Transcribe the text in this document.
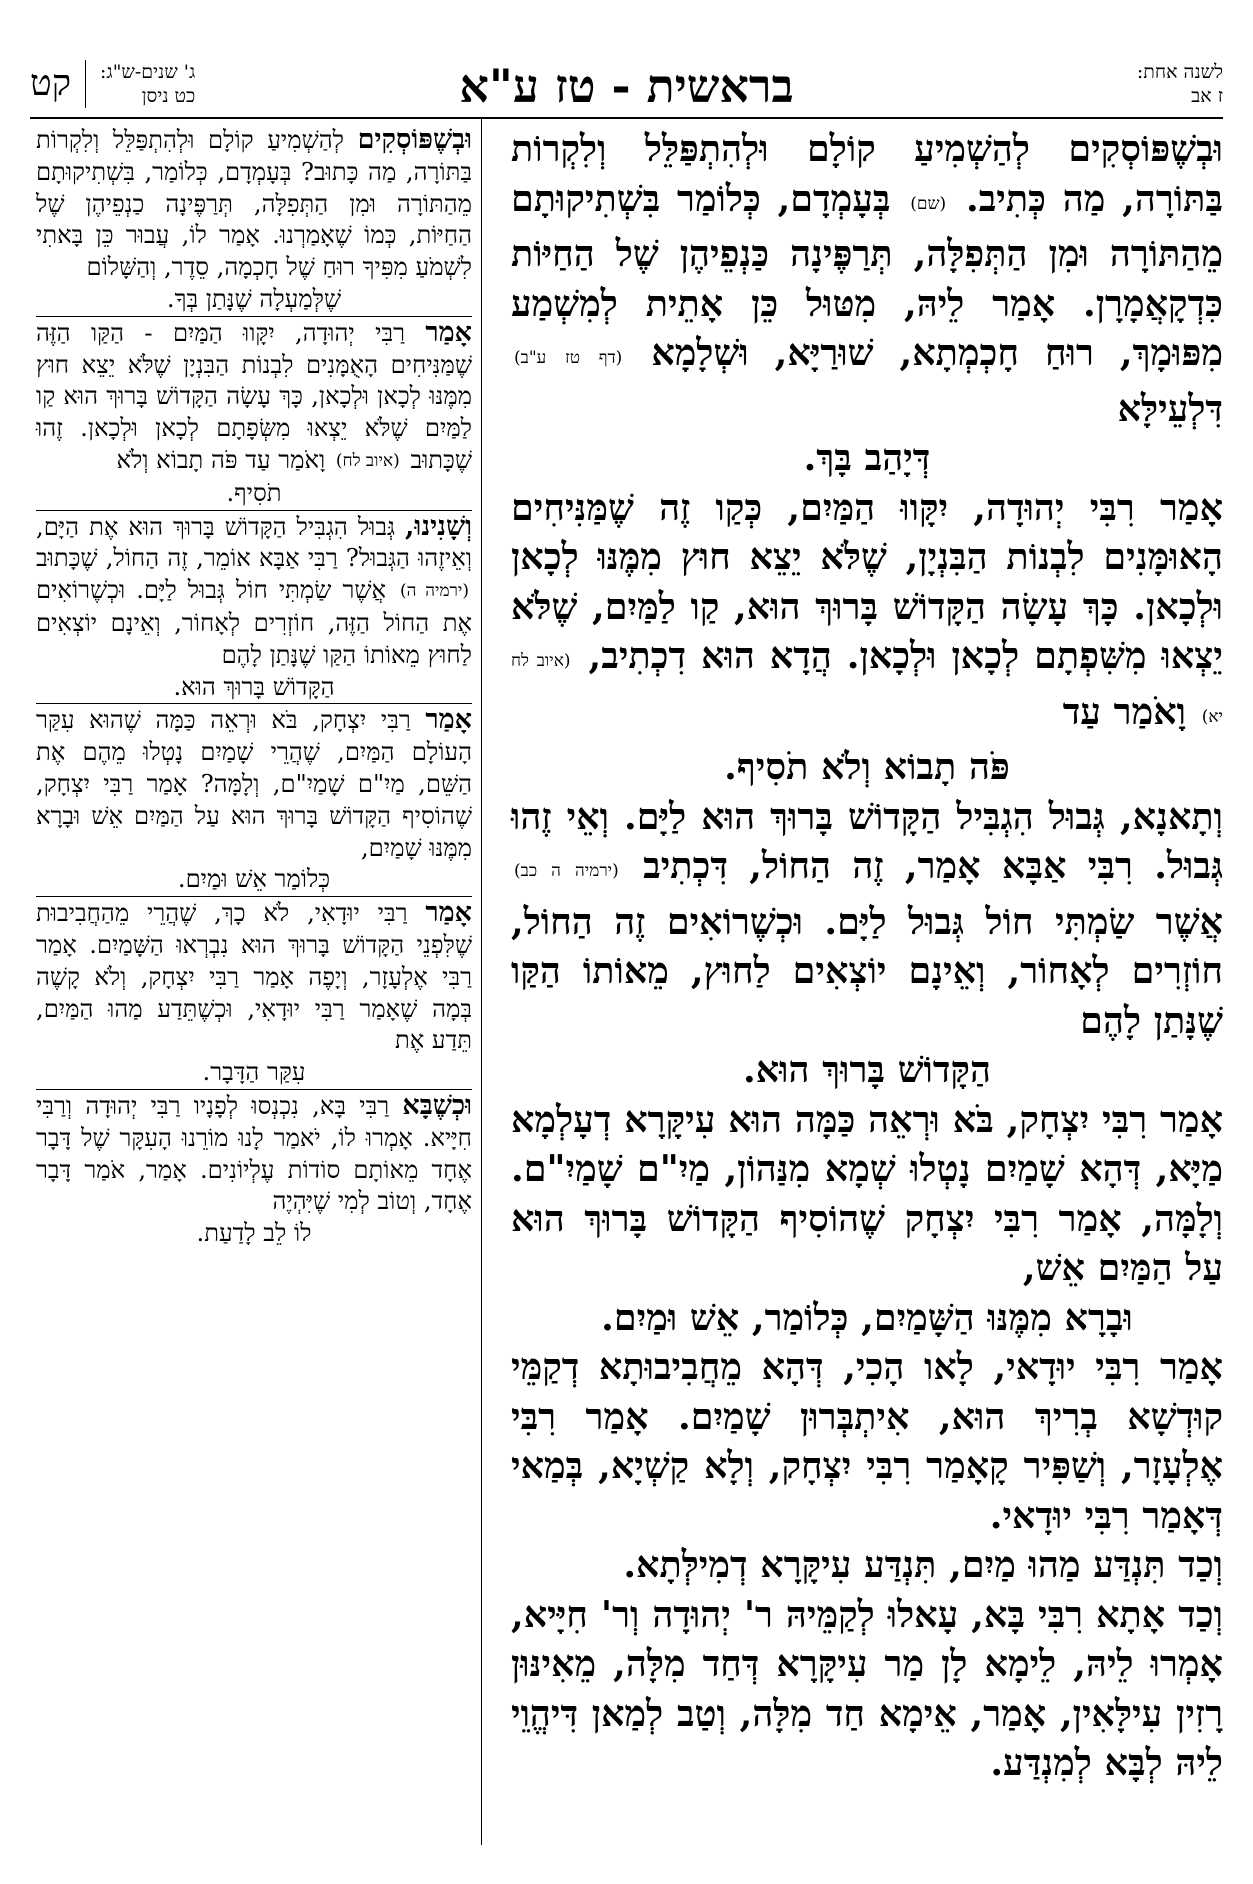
לשנה אחת:
ז אב
בראשית - טז ע"א
קט	ג' שנים-ש"ג:
כט ניסן

וּבְשֶׁפּוֹסְקִים לְהַשְׁמִיעַ קוֹלָם וּלְהִתְפַּלֵּל וְלִקְרוֹת בַּתּוֹרָה, מַה כְּתִיב. (שם) בְּעָמְדָם, כְּלוֹמַר בִּשְׁתִיקוּתָם מֵהַתּוֹרָה וּמִן הַתְּפִלָּה, תְּרַפֶּינָה כַּנְפֵיהֶן שֶׁל הַחַיּוֹת כִּדְקָאֲמָרָן. אָמַר לֵיהּ, מִטּוּל כֵּן אָתֵית לְמִשְׁמַע מִפּוּמָךְ, רוּחַ חָכְמְתָא, שׁוּרַיָּא, וּשְׁלָמָא (דף טז ע"ב) דִּלְעֵילָּא

דְּיָהַב בָּךְ.

אָמַר רִבִּי יְהוּדָה, יִקָּווּ הַמַּיִם, כְּקַו זֶה שֶׁמַּנִּיחִים הָאוּמָּנִים לִבְנוֹת הַבִּנְיָן, שֶׁלֹּא יֵצֵא חוּץ מִמֶּנּוּ לְכָאן וּלְכָאן. כָּךְ עָשָׂה הַקָּדוֹשׁ בָּרוּךְ הוּא, קַו לַמַּיִם, שֶׁלֹּא יֵצְאוּ מִשִּׁפְתָם לְכָאן וּלְכָאן. הֲדָא הוּא דִכְתִיב, (איוב לח יא) וָאֹמַר עַד

פֹּה תָבוֹא וְלֹא תֹסִיף.

וְתָאנָא, גְּבוּל הִגְבִּיל הַקָּדוֹשׁ בָּרוּךְ הוּא לַיָּם. וְאֵי זֶהוּ גְּבוּל. רִבִּי אַבָּא אָמַר, זֶה הַחוֹל, דִּכְתִיב (ירמיה ה כב) אֲשֶׁר שַׂמְתִּי חוֹל גְּבוּל לַיָּם. וּכְשֶׁרוֹאִים זֶה הַחוֹל, חוֹזְרִים לְאָחוֹר, וְאֵינָם יוֹצְאִים לַחוּץ, מֵאוֹתוֹ הַקַּו שֶׁנָּתַן לָהֶם

הַקָּדוֹשׁ בָּרוּךְ הוּא.

אָמַר רִבִּי יִצְחָק, בֹּא וּרְאֵה כַּמָּה הוּא עִיקָּרָא דְעָלְמָא מַיָּא, דְּהָא שָׁמַיִם נָטְלוּ שְׁמָא מִנַּהוֹן, מַיִ"ם שָׁמַיִ"ם. וְלָמָּה, אָמַר רִבִּי יִצְחָק שֶׁהוֹסִיף הַקָּדוֹשׁ בָּרוּךְ הוּא עַל הַמַּיִם אֵשׁ,

וּבָרָא מִמֶּנּוּ הַשָּׁמַיִם, כְּלוֹמַר, אֵשׁ וּמַיִם.

אָמַר רִבִּי יוּדָאי, לָאו הָכִי, דְּהָא מֵחֲבִיבוּתָא דְקַמֵּי קוּדְשָׁא בְרִיךְ הוּא, אִיתְבְּרוּן שָׁמַיִם. אָמַר רִבִּי אֶלְעָזָר, וְשַׁפִּיר קָאָמַר רִבִּי יִצְחָק, וְלָא קַשְׁיָא, בְּמַאי דְּאָמַר רִבִּי יוּדָאי.

וְכַד תִּנְדַּע מַהוּ מַיִם, תִּנְדַּע עִיקָּרָא דְמִילְּתָא.

וְכַד אָתָא רִבִּי בָּא, עָאלוּ לְקַמֵּיהּ ר' יְהוּדָה וְר' חִיָּיא, אָמְרוּ לֵיהּ, לֵימָא לָן מַר עִיקָּרָא דְּחַד מִלָּה, מֵאִינּוּן רָזִין עִילָּאִין, אָמַר, אֵימָא חַד מִלָּה, וְטַב לְמַאן דִּיהֱוֵי לֵיהּ לְבָּא לְמִנְדַּע.

וּבְשֶׁפּוֹסְקִים לְהַשְׁמִיעַ קוֹלָם וּלְהִתְפַּלֵּל וְלִקְרוֹת בַּתּוֹרָה, מַה כָּתוּב? בְּעָמְדָם, כְּלוֹמַר, בִּשְׁתִיקוּתָם מֵהַתּוֹרָה וּמִן הַתְּפִלָּה, תְּרַפֶּינָה כַנְפֵיהֶן שֶׁל הַחַיּוֹת, כְּמוֹ שֶׁאָמַרְנוּ. אָמַר לוֹ, עֲבוּר כֵּן בָּאתִי לִשְׁמֹעַ מִפִּיךָ רוּחַ שֶׁל חָכְמָה, סֵדֶר, וְהַשָּׁלוֹם

שֶׁלְּמַעְלָה שֶׁנָּתַן בְּךָ.

אָמַר רַבִּי יְהוּדָה, יִקָּווּ הַמַּיִם - הַקַּו הַזֶּה שֶׁמַּנִּיחִים הָאֻמָּנִים לִבְנוֹת הַבִּנְיָן שֶׁלֹּא יֵצֵא חוּץ מִמֶּנּוּ לְכָאן וּלְכָאן, כָּךְ עָשָׂה הַקָּדוֹשׁ בָּרוּךְ הוּא קַו לַמַּיִם שֶׁלֹּא יֵצְאוּ מִשְּׂפָתָם לְכָאן וּלְכָאן. זֶהוּ שֶׁכָּתוּב (איוב לח) וָאֹמַר עַד פֹּה תָבוֹא וְלֹא

תֹסִיף.

וְשָׁנִינוּ, גְּבוּל הִגְבִּיל הַקָּדוֹשׁ בָּרוּךְ הוּא אֶת הַיָּם, וְאֵיזֶהוּ הַגְּבוּל? רַבִּי אַבָּא אוֹמֵר, זֶה הַחוֹל, שֶׁכָּתוּב (ירמיה ה) אֲשֶׁר שַׂמְתִּי חוֹל גְּבוּל לַיָּם. וּכְשֶׁרוֹאִים אֶת הַחוֹל הַזֶּה, חוֹזְרִים לְאָחוֹר, וְאֵינָם יוֹצְאִים לַחוּץ מֵאוֹתוֹ הַקַּו שֶׁנָּתַן לָהֶם

הַקָּדוֹשׁ בָּרוּךְ הוּא.

אָמַר רַבִּי יִצְחָק, בֹּא וּרְאֵה כַּמָּה שֶׁהוּא עִקַּר הָעוֹלָם הַמַּיִם, שֶׁהֲרֵי שָׁמַיִם נָטְלוּ מֵהֶם אֶת הַשֵּׁם, מַיִ"ם שָׁמַיִ"ם, וְלָמָּה? אָמַר רַבִּי יִצְחָק, שֶׁהוֹסִיף הַקָּדוֹשׁ בָּרוּךְ הוּא עַל הַמַּיִם אֵשׁ וּבָרָא מִמֶּנּוּ שָׁמַיִם,

כְּלוֹמַר אֵשׁ וּמַיִם.

אָמַר רַבִּי יוּדָאִי, לֹא כָךְ, שֶׁהֲרֵי מֵהַחֲבִיבוּת שֶׁלִּפְנֵי הַקָּדוֹשׁ בָּרוּךְ הוּא נִבְרְאוּ הַשָּׁמַיִם. אָמַר רַבִּי אֶלְעָזָר, וְיָפֶה אָמַר רַבִּי יִצְחָק, וְלֹא קָשֶׁה בְּמָה שֶׁאָמַר רַבִּי יוּדָאִי, וּכְשֶׁתֵּדַע מַהוּ הַמַּיִם, תֵּדַע אֶת

עִקַּר הַדָּבָר.

וּכְשֶׁבָּא רַבִּי בָּא, נִכְנְסוּ לְפָנָיו רַבִּי יְהוּדָה וְרַבִּי חִיָּיא. אָמְרוּ לוֹ, יֹאמַר לָנוּ מוֹרֵנוּ הָעִקָּר שֶׁל דָּבָר אֶחָד מֵאוֹתָם סוֹדוֹת עֶלְיוֹנִים. אָמַר, אֹמַר דָּבָר אֶחָד, וְטוֹב לְמִי שֶׁיִּהְיֶה

לוֹ לֵב לָדַעַת.
